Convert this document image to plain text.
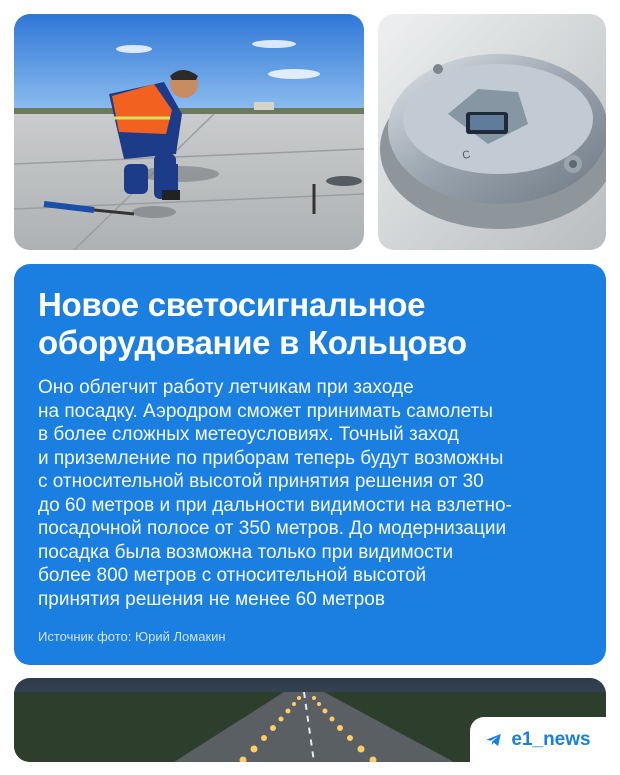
C
Новое светосигнальное
оборудование в Кольцово
Оно облегчит работу летчикам при заходе
на посадку. Аэродром сможет принимать самолеты
в более сложных метеоусловиях. Точный заход
и приземление по приборам теперь будут возможны
с относительной высотой принятия решения от 30
до 60 метров и при дальности видимости на взлетно-
посадочной полосе от 350 метров. До модернизации
посадка была возможна только при видимости
более 800 метров с относительной высотой
принятия решения не менее 60 метров
Источник фото: Юрий Ломакин
e1_news
